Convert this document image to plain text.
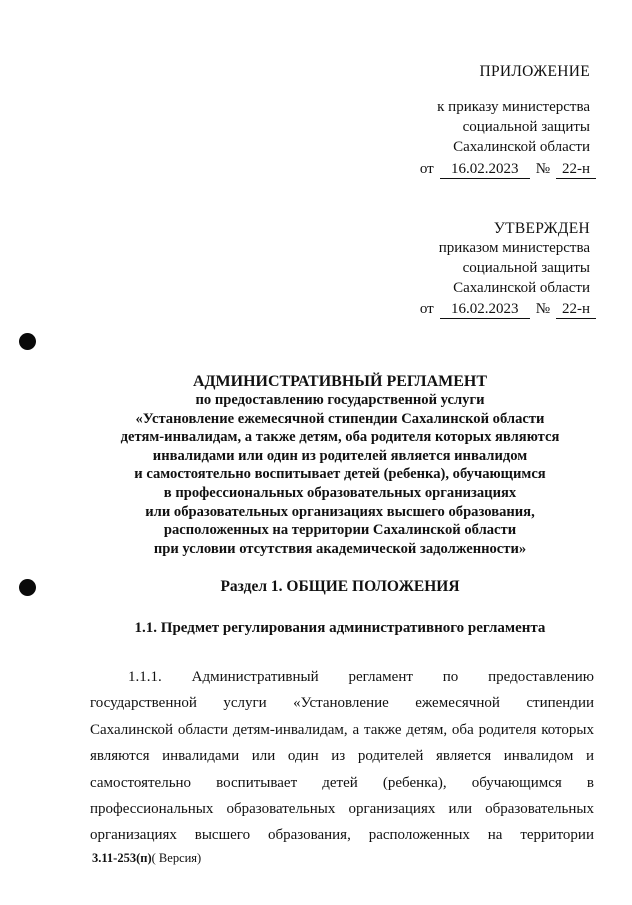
ПРИЛОЖЕНИЕ
к приказу министерства
социальной защиты
Сахалинской области
от	16.02.2023	№ 22-н
УТВЕРЖДЕН
приказом министерства
социальной защиты
Сахалинской области
от	16.02.2023	№ 22-н
АДМИНИСТРАТИВНЫЙ РЕГЛАМЕНТ
по предоставлению государственной услуги
«Установление ежемесячной стипендии Сахалинской области
детям-инвалидам, а также детям, оба родителя которых являются
инвалидами или один из родителей является инвалидом
и самостоятельно воспитывает детей (ребенка), обучающимся
в профессиональных образовательных организациях
или образовательных организациях высшего образования,
расположенных на территории Сахалинской области
при условии отсутствия академической задолженности»
Раздел 1. ОБЩИЕ ПОЛОЖЕНИЯ
1.1. Предмет регулирования административного регламента
1.1.1. Административный регламент по предоставлению
государственной услуги «Установление ежемесячной стипендии
Сахалинской области детям-инвалидам, а также детям, оба родителя которых
являются инвалидами или один из родителей является инвалидом и
самостоятельно воспитывает детей (ребенка), обучающимся в
профессиональных образовательных организациях или образовательных
организациях высшего образования, расположенных на территории
3.11-253(п)( Версия)
